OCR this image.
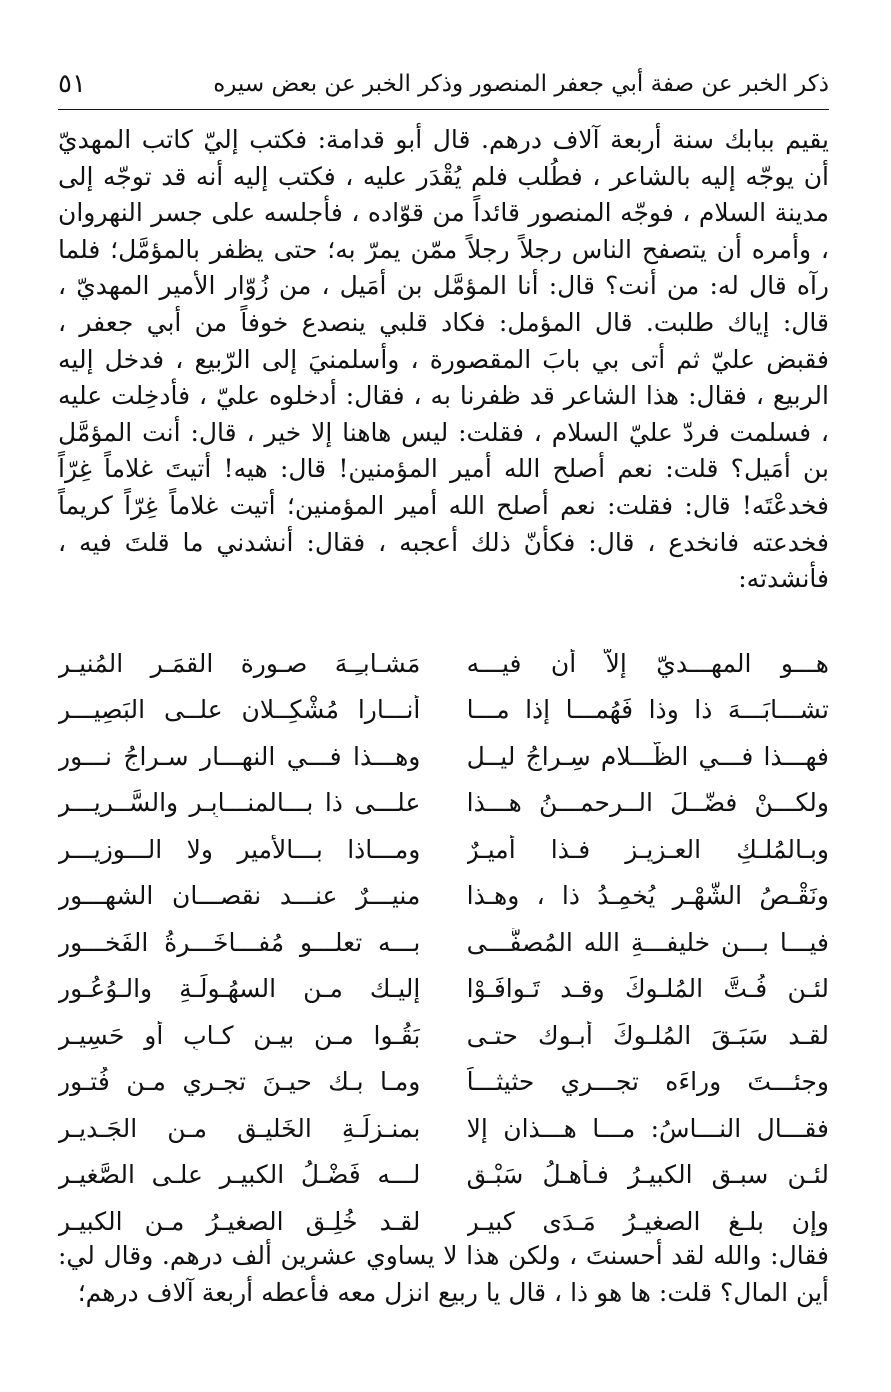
ذكر الخبر عن صفة أبي جعفر المنصور وذكر الخبر عن بعض سيره
٥١
يقيم ببابك سنة أربعة آلاف درهم. قال أبو قدامة: فكتب إليّ كاتب المهديّ أن يوجّه إليه بالشاعر ، فطُلب فلم يُقْدَر عليه ، فكتب إليه أنه قد توجّه إلى مدينة السلام ، فوجّه المنصور قائداً من قوّاده ، فأجلسه على جسر النهروان ، وأمره أن يتصفح الناس رجلاً رجلاً ممّن يمرّ به؛ حتى يظفر بالمؤمَّل؛ فلما رآه قال له: من أنت؟ قال: أنا المؤمَّل بن أمَيل ، من زُوّار الأمير المهديّ ، قال: إياك طلبت. قال المؤمل: فكاد قلبي ينصدع خوفاً من أبي جعفر ، فقبض عليّ ثم أتى بي بابَ المقصورة ، وأسلمنيَ إلى الرّبيع ، فدخل إليه الربيع ، فقال: هذا الشاعر قد ظفرنا به ، فقال: أدخلوه عليّ ، فأدخِلت عليه ، فسلمت فردّ عليّ السلام ، فقلت: ليس هاهنا إلا خير ، قال: أنت المؤمَّل بن أمَيل؟ قلت: نعم أصلح الله أمير المؤمنين! قال: هيه! أتيتَ غلاماً غِرّاً فخدعْتَه! قال: فقلت: نعم أصلح الله أمير المؤمنين؛ أتيت غلاماً غِرّاً كريماً فخدعته فانخدع ، قال: فكأنّ ذلك أعجبه ، فقال: أنشدني ما قلتَ فيه ، فأنشدته:
هـــو المهـــديّ إلاّ أن فيـــه
مَشـابـِـهَ صـورة القمَـر المُنيـرِ
تشـــابَـــهَ ذا وذا فَهُمـــا إذا مـــا
أَنـــارا مُشْكِــلان علــى البَصِيـــر
فهـــذا فـــي الظّـــلام سِـراجُ ليــلٍ
وهـــذا فـــي النهـــار سـراجُ نـــورِ
ولكـــنْ فضّــلَ الــرحمـــنُ هـــذا
علـــى ذا بـــالمنـــابِـرِ والسَّــريـــر
وبـالمُلـكِ العـزيـز فـذا أَميـرٌ
ومـــاذا بـــالأمير ولا الـــوزيـــر
ونَقْـصُ الشّهْـر يُخمِـدُ ذا ، وهـذا
منيـــرٌ عنـــد نقصـــانِ الشهـــور
فيـــا بـــن خليفـــةِ الله المُصفَّـــى
بـــه تعلـــو مُفـــاخَـــرةُ الفَخـــورِ
لئـن فُـتَّ المُلـوكَ وقـد تَـوافَـوْا
إليـك مـن السهُـولَـةِ والـوُعُـورِ
لقـد سَبَـقَ المُلـوكَ أَبـوك حتـى
بَقُـوا مـن بيـن كـابٍ أو حَسِيـر
وجئـــتَ وراءَه تجـــري حثيثـــاً
ومـا بـك حيـنَ تجـري مـن فُتـور
فقـــال النـــاسُ: مـــا هـــذان إلا
بمنـزلَـةِ الخَليـقِ مـن الجَـديـر
لئـن سبـق الكبيـرُ فـأَهـلُ سَبْـقٍ
لـــه فَضْـلُ الكبيـرِ علـى الصَّغيـر
وإن بلـغ الصغيـرُ مَـدَى كبيـرٍ
لقـد خُلِـق الصغيـرُ مـن الكبيـرِ
فقال: والله لقد أحسنتَ ، ولكن هذا لا يساوي عشرين ألف درهم. وقال لي: أين المال؟ قلت: ها هو ذا ، قال يا ربيع انزل معه فأعطه أربعة آلاف درهم؛
